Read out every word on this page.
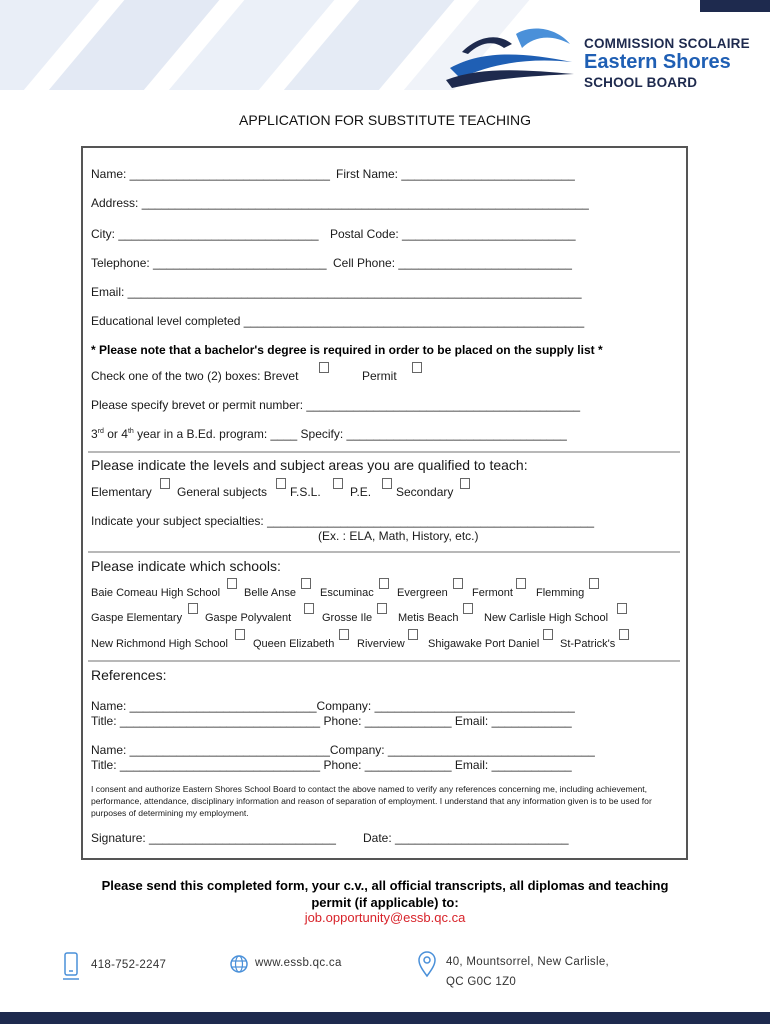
COMMISSION SCOLAIRE
Eastern Shores
SCHOOL BOARD
APPLICATION FOR SUBSTITUTE TEACHING
Name: ______________________________ First Name: __________________________
Address: ___________________________________________________________________
City: ______________________________ Postal Code: __________________________
Telephone: __________________________ Cell Phone: __________________________
Email: ____________________________________________________________________
Educational level completed ___________________________________________________
* Please note that a bachelor's degree is required in order to be placed on the supply list *
Check one of the two (2) boxes: Brevet	Permit
Please specify brevet or permit number: _________________________________________
3rd or 4th year in a B.Ed. program: ____ Specify: _________________________________
Please indicate the levels and subject areas you are qualified to teach:
Elementary General subjects F.S.L. P.E. Secondary
Indicate your subject specialties: _________________________________________________
(Ex. : ELA, Math, History, etc.)
Please indicate which schools:
Baie Comeau High School Belle Anse Escuminac Evergreen Fermont Flemming
Gaspe Elementary Gaspe Polyvalent	Grosse Ile Metis Beach New Carlisle High School
New Richmond High School Queen Elizabeth Riverview Shigawake Port Daniel St-Patrick's
References:
Name: ____________________________Company: ______________________________
Title: ______________________________ Phone: _____________ Email: ____________
Name: ______________________________Company: _______________________________
Title: ______________________________ Phone: _____________ Email: ____________
I consent and authorize Eastern Shores School Board to contact the above named to verify any references concerning me, including achievement, performance, attendance, disciplinary information and reason of separation of employment. I understand that any information given is to be used for purposes of determining my employment.
Signature: ____________________________ Date: __________________________
Please send this completed form, your c.v., all official transcripts, all diplomas and teaching
permit (if applicable) to:
job.opportunity@essb.qc.ca
418-752-2247	www.essb.qc.ca	40, Mountsorrel, New Carlisle,
QC G0C 1Z0
